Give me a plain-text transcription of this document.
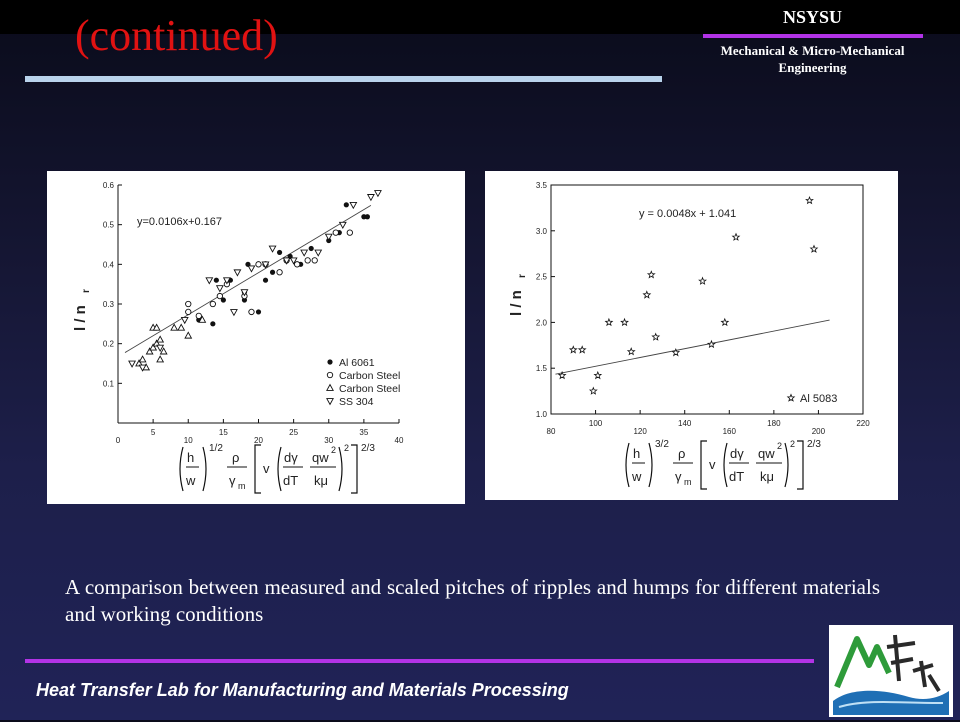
(continued)	NSYSU
Mechanical & Micro-Mechanical
Engineering
0.1
0.2
0.3
0.4
0.5
0.6
0
5
10
15
20
25
30
35
40
y=0.0106x+0.167
Al 6061
Carbon Steel
Carbon Steel
SS 304
l / n
r
h
w
1/2
ρ
γ m
v
dγ
dT
qw 2
kμ
2 2/3
1.0
1.5
2.0
2.5
3.0
3.5
80
100
120
140
160
180
200
220
y = 0.0048x + 1.041
Al 5083
l / n
r
h
w
3/2
ρ
γ m
v
dγ
dT
qw 2
kμ
2 2/3
A comparison between measured and scaled pitches of ripples and humps for different materials and working conditions
Heat Transfer Lab for Manufacturing and Materials Processing
